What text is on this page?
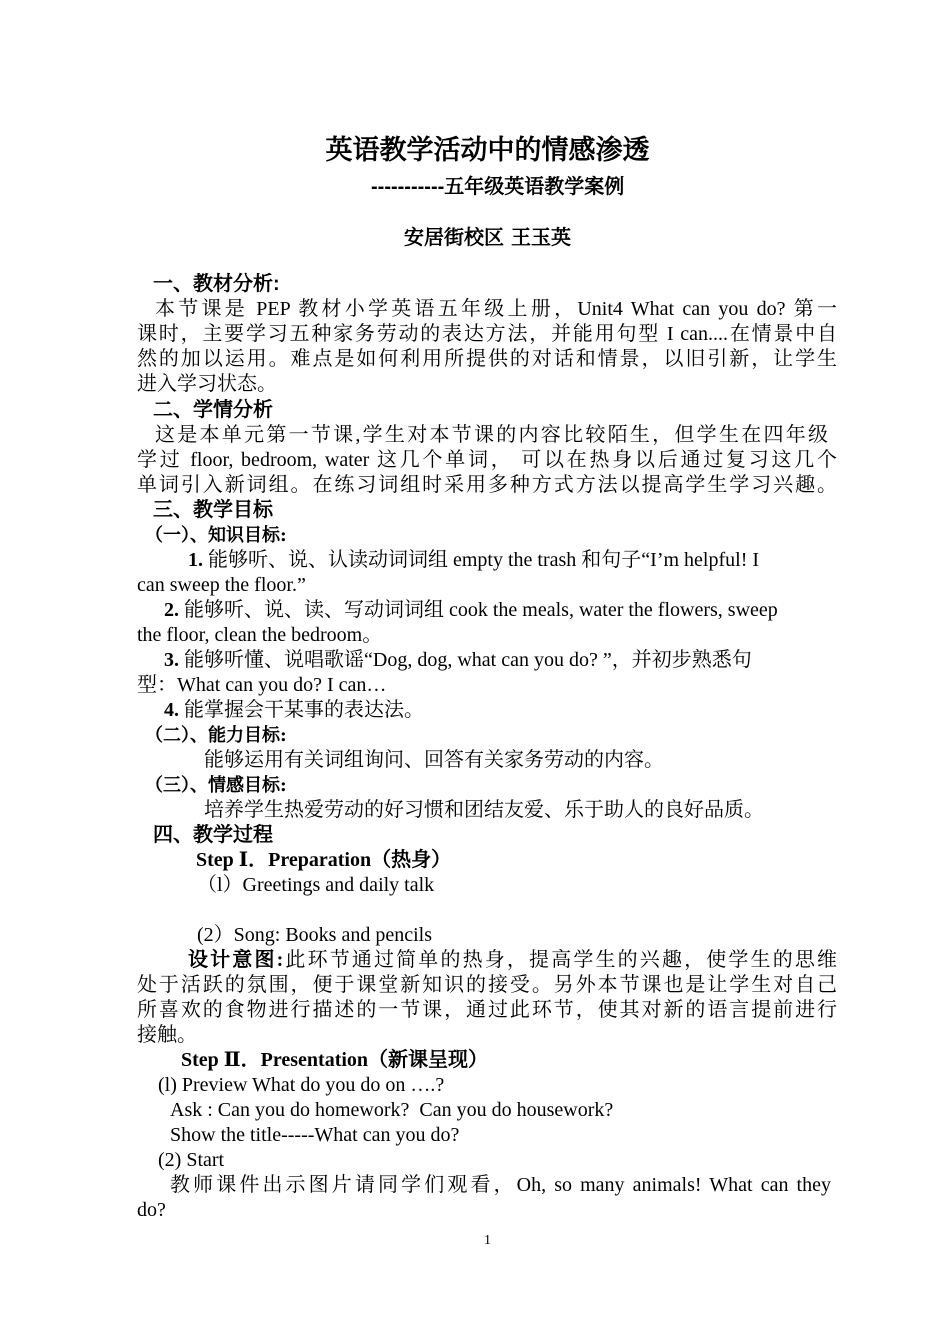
英语教学活动中的情感渗透
-----------五年级英语教学案例
安居街校区 王玉英
一、教材分析:
本节课是 PEP 教材小学英语五年级上册，Unit4 What can you do? 第一
课时，主要学习五种家务劳动的表达方法，并能用句型 I can....在情景中自
然的加以运用。难点是如何利用所提供的对话和情景，以旧引新，让学生
进入学习状态。
二、学情分析
这是本单元第一节课,学生对本节课的内容比较陌生，但学生在四年级
学过 floor, bedroom, water 这几个单词， 可以在热身以后通过复习这几个
单词引入新词组。在练习词组时采用多种方式方法以提高学生学习兴趣。
三、教学目标
（一）、知识目标:
1. 能够听、说、认读动词词组 empty the trash 和句子“I’m helpful! I
can sweep the floor.”
2. 能够听、说、读、写动词词组 cook the meals, water the flowers, sweep
the floor, clean the bedroom。
3. 能够听懂、说唱歌谣“Dog, dog, what can you do? ”，并初步熟悉句
型：What can you do? I can…
4. 能掌握会干某事的表达法。
（二）、能力目标:
能够运用有关词组询问、回答有关家务劳动的内容。
（三）、情感目标:
培养学生热爱劳动的好习惯和团结友爱、乐于助人的良好品质。
四、教学过程
Step Ⅰ．Preparation（热身）
（l）Greetings and daily talk
(2）Song: Books and pencils
设计意图:此环节通过简单的热身，提高学生的兴趣，使学生的思维
处于活跃的氛围，便于课堂新知识的接受。另外本节课也是让学生对自己
所喜欢的食物进行描述的一节课，通过此环节，使其对新的语言提前进行
接触。
Step Ⅱ．Presentation（新课呈现）
(l) Preview What do you do on ….?
Ask : Can you do homework?  Can you do housework?
Show the title-----What can you do?
(2) Start
教师课件出示图片请同学们观看，Oh, so many animals! What can they
do?
1
